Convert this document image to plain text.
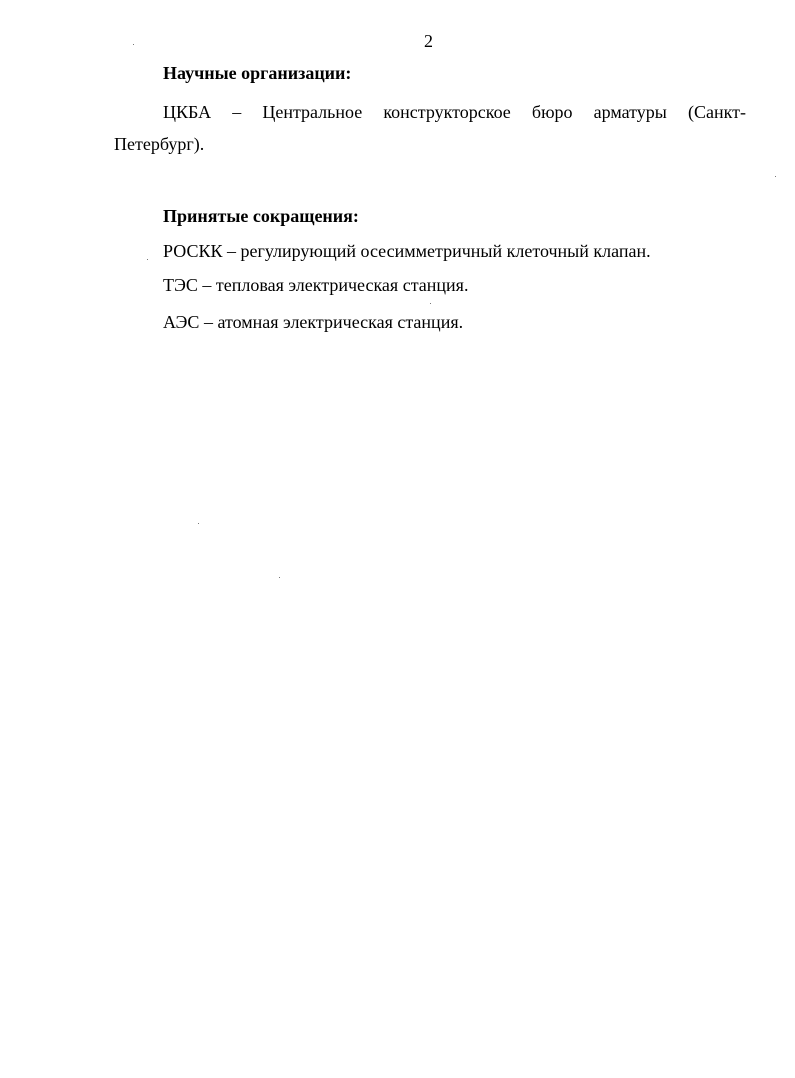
2
Научные организации:
ЦКБА – Центральное конструкторское бюро арматуры (Санкт-
Петербург).
Принятые сокращения:
РОСКК – регулирующий осесимметричный клеточный клапан.
ТЭС – тепловая электрическая станция.
АЭС – атомная электрическая станция.
